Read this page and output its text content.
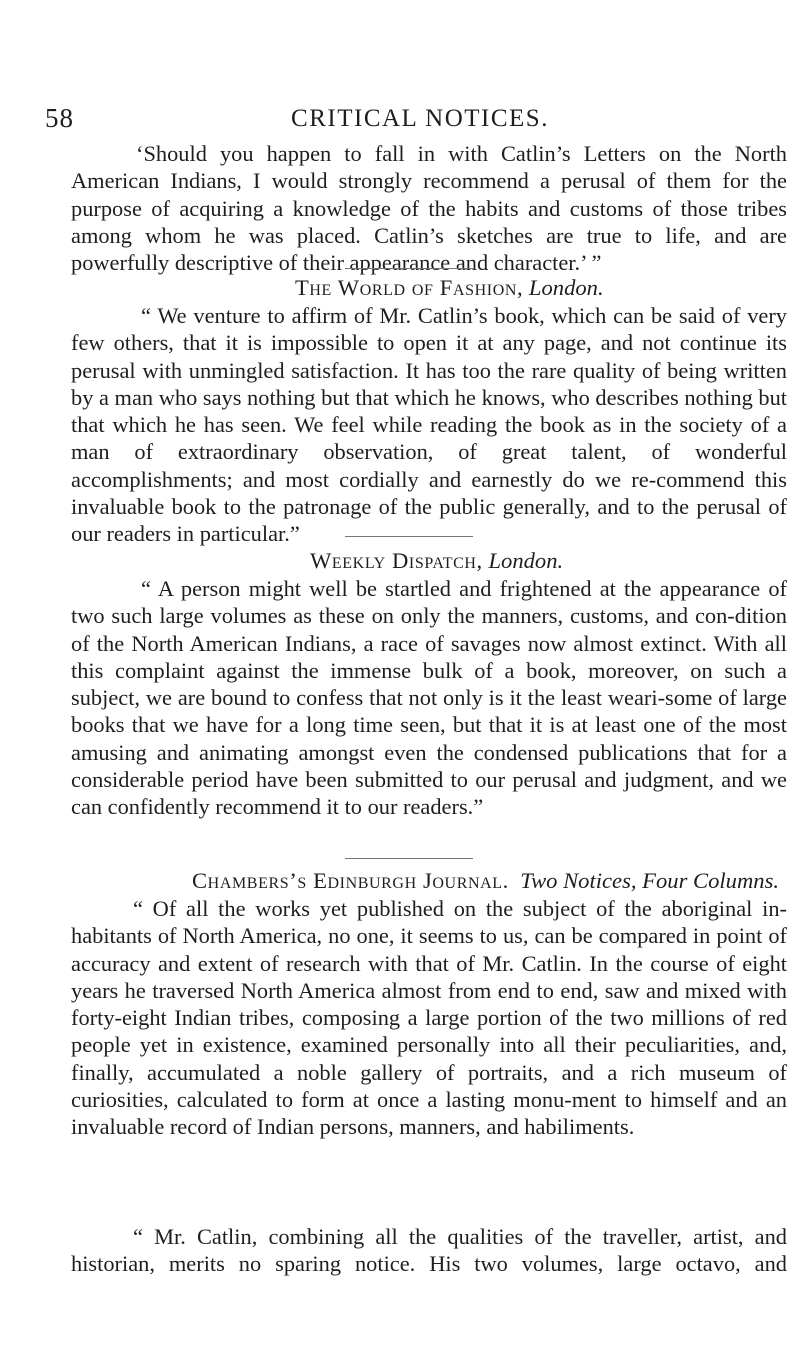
58	CRITICAL NOTICES.

‘Should you happen to fall in with Catlin’s Letters on the North American Indians, I would strongly recommend a perusal of them for the purpose of acquiring a knowledge of the habits and customs of those tribes among whom he was placed. Catlin’s sketches are true to life, and are powerfully descriptive of their appearance and character.’ ”

The World of Fashion, London.

“ We venture to affirm of Mr. Catlin’s book, which can be said of very few others, that it is impossible to open it at any page, and not continue its perusal with unmingled satisfaction. It has too the rare quality of being written by a man who says nothing but that which he knows, who describes nothing but that which he has seen. We feel while reading the book as in the society of a man of extraordinary observation, of great talent, of wonderful accomplishments; and most cordially and earnestly do we re-commend this invaluable book to the patronage of the public generally, and to the perusal of our readers in particular.”

Weekly Dispatch, London.

“ A person might well be startled and frightened at the appearance of two such large volumes as these on only the manners, customs, and con-dition of the North American Indians, a race of savages now almost extinct. With all this complaint against the immense bulk of a book, moreover, on such a subject, we are bound to confess that not only is it the least weari-some of large books that we have for a long time seen, but that it is at least one of the most amusing and animating amongst even the condensed publications that for a considerable period have been submitted to our perusal and judgment, and we can confidently recommend it to our readers.”

Chambers’s Edinburgh Journal. Two Notices, Four Columns.

“ Of all the works yet published on the subject of the aboriginal in-habitants of North America, no one, it seems to us, can be compared in point of accuracy and extent of research with that of Mr. Catlin. In the course of eight years he traversed North America almost from end to end, saw and mixed with forty-eight Indian tribes, composing a large portion of the two millions of red people yet in existence, examined personally into all their peculiarities, and, finally, accumulated a noble gallery of portraits, and a rich museum of curiosities, calculated to form at once a lasting monu-ment to himself and an invaluable record of Indian persons, manners, and habiliments.

“ Mr. Catlin, combining all the qualities of the traveller, artist, and historian, merits no sparing notice. His two volumes, large octavo, and
